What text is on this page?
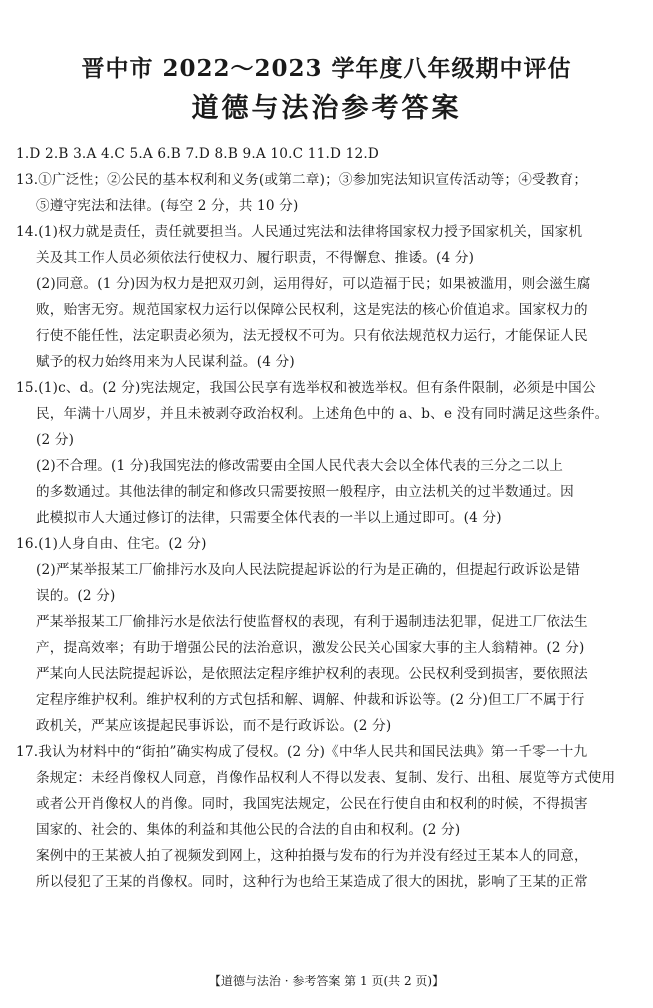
晋中市 2022～2023 学年度八年级期中评估
道德与法治参考答案
1.D 2.B 3.A 4.C 5.A 6.B 7.D 8.B 9.A 10.C 11.D 12.D
13.①广泛性；②公民的基本权利和义务(或第二章)；③参加宪法知识宣传活动等；④受教育；
⑤遵守宪法和法律。(每空 2 分，共 10 分)
14.(1)权力就是责任，责任就要担当。人民通过宪法和法律将国家权力授予国家机关，国家机
关及其工作人员必须依法行使权力、履行职责，不得懈怠、推诿。(4 分)
(2)同意。(1 分)因为权力是把双刃剑，运用得好，可以造福于民；如果被滥用，则会滋生腐
败，贻害无穷。规范国家权力运行以保障公民权利，这是宪法的核心价值追求。国家权力的
行使不能任性，法定职责必须为，法无授权不可为。只有依法规范权力运行，才能保证人民
赋予的权力始终用来为人民谋利益。(4 分)
15.(1)c、d。(2 分)宪法规定，我国公民享有选举权和被选举权。但有条件限制，必须是中国公
民，年满十八周岁，并且未被剥夺政治权利。上述角色中的 a、b、e 没有同时满足这些条件。
(2 分)
(2)不合理。(1 分)我国宪法的修改需要由全国人民代表大会以全体代表的三分之二以上
的多数通过。其他法律的制定和修改只需要按照一般程序，由立法机关的过半数通过。因
此模拟市人大通过修订的法律，只需要全体代表的一半以上通过即可。(4 分)
16.(1)人身自由、住宅。(2 分)
(2)严某举报某工厂偷排污水及向人民法院提起诉讼的行为是正确的，但提起行政诉讼是错
误的。(2 分)
严某举报某工厂偷排污水是依法行使监督权的表现，有利于遏制违法犯罪，促进工厂依法生
产，提高效率；有助于增强公民的法治意识，激发公民关心国家大事的主人翁精神。(2 分)
严某向人民法院提起诉讼，是依照法定程序维护权利的表现。公民权利受到损害，要依照法
定程序维护权利。维护权利的方式包括和解、调解、仲裁和诉讼等。(2 分)但工厂不属于行
政机关，严某应该提起民事诉讼，而不是行政诉讼。(2 分)
17.我认为材料中的“街拍”确实构成了侵权。(2 分)《中华人民共和国民法典》第一千零一十九
条规定：未经肖像权人同意，肖像作品权利人不得以发表、复制、发行、出租、展览等方式使用
或者公开肖像权人的肖像。同时，我国宪法规定，公民在行使自由和权利的时候，不得损害
国家的、社会的、集体的利益和其他公民的合法的自由和权利。(2 分)
案例中的王某被人拍了视频发到网上，这种拍摄与发布的行为并没有经过王某本人的同意，
所以侵犯了王某的肖像权。同时，这种行为也给王某造成了很大的困扰，影响了王某的正常
【道德与法治 · 参考答案 第 1 页(共 2 页)】
